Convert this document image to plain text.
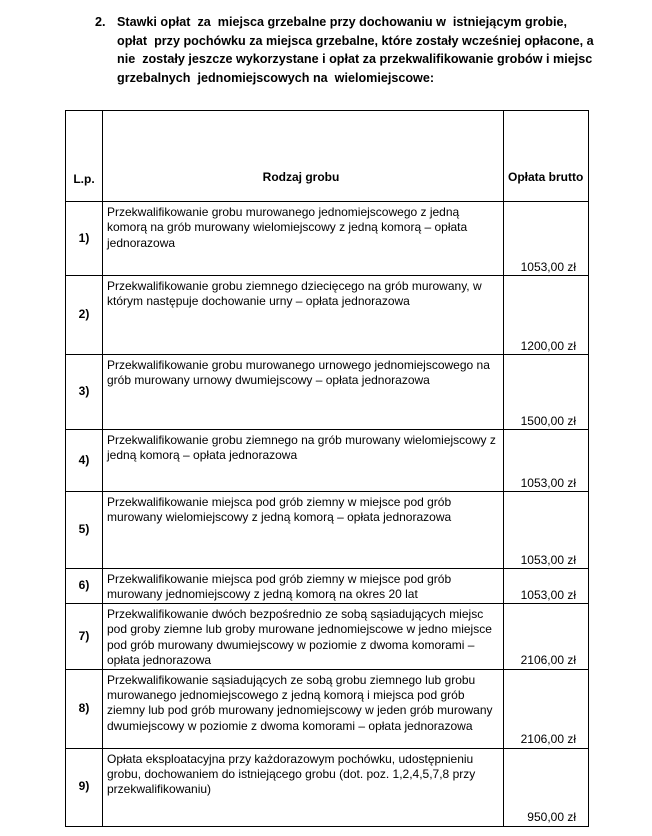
2. Stawki opłat  za  miejsca grzebalne przy dochowaniu w  istniejącym grobie,
opłat  przy pochówku za miejsca grzebalne, które zostały wcześniej opłacone, a
nie  zostały jeszcze wykorzystane i opłat za przekwalifikowanie grobów i miejsc
grzebalnych  jednomiejscowych na  wielomiejscowe:
L.p.	Rodzaj grobu	Opłata brutto
1)	Przekwalifikowanie grobu murowanego jednomiejscowego z jedną komorą na grób murowany wielomiejscowy z jedną komorą – opłata jednorazowa	1053,00 zł
2)	Przekwalifikowanie grobu ziemnego dziecięcego na grób murowany, w którym następuje dochowanie urny – opłata jednorazowa	1200,00 zł
3)	Przekwalifikowanie grobu murowanego urnowego jednomiejscowego na grób murowany urnowy dwumiejscowy – opłata jednorazowa	1500,00 zł
4)	Przekwalifikowanie grobu ziemnego na grób murowany wielomiejscowy z jedną komorą – opłata jednorazowa	1053,00 zł
5)	Przekwalifikowanie miejsca pod grób ziemny w miejsce pod grób murowany wielomiejscowy z jedną komorą – opłata jednorazowa	1053,00 zł
6)	Przekwalifikowanie miejsca pod grób ziemny w miejsce pod grób murowany jednomiejscowy z jedną komorą na okres 20 lat	1053,00 zł
7)	Przekwalifikowanie dwóch bezpośrednio ze sobą sąsiadujących miejsc pod groby ziemne lub groby murowane jednomiejscowe w jedno miejsce pod grób murowany dwumiejscowy w poziomie z dwoma komorami – opłata jednorazowa	2106,00 zł
8)	Przekwalifikowanie sąsiadujących ze sobą grobu ziemnego lub grobu murowanego jednomiejscowego z jedną komorą i miejsca pod grób ziemny lub pod grób murowany jednomiejscowy w jeden grób murowany dwumiejscowy w poziomie z dwoma komorami – opłata jednorazowa	2106,00 zł
9)	Opłata eksploatacyjna przy każdorazowym pochówku, udostępnieniu grobu, dochowaniem do istniejącego grobu (dot. poz. 1,2,4,5,7,8 przy przekwalifikowaniu)	950,00 zł
